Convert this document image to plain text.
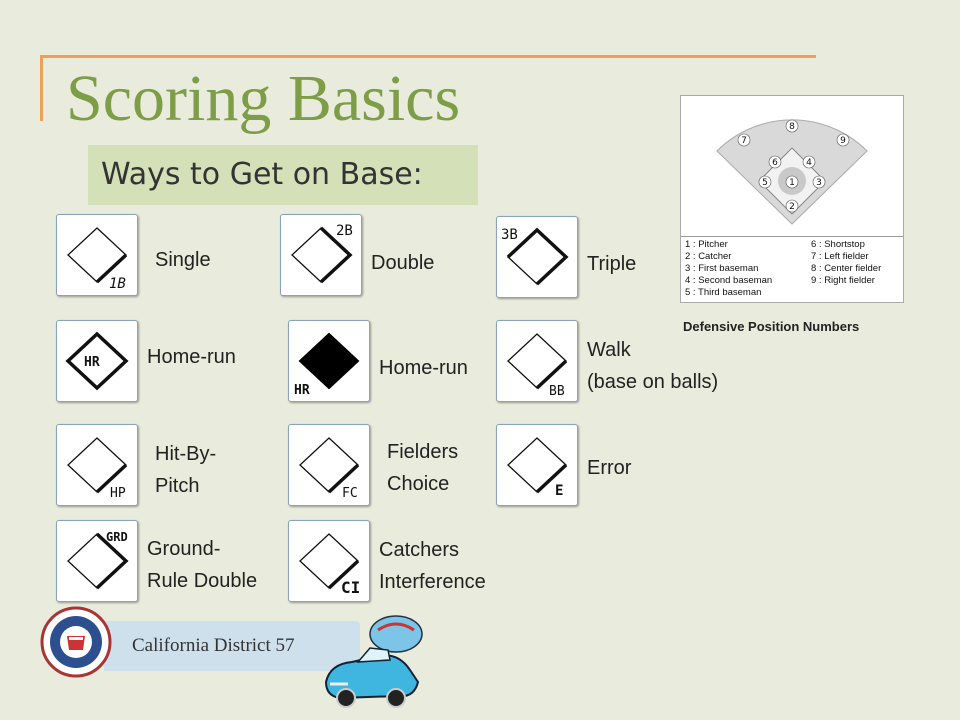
Scoring Basics
Ways to Get on Base:
1B
Single
2B
Double
3B
Triple
HR Home-run
HR
Home-run
BB
Walk
(base on balls)
HP
Hit-By-
Pitch	FC
Fielders
Choice	E
Error
GRD
Ground-
Rule Double	CI
Catchers
Interference
1
2
3
4
5
6
7
8
9
1 : Pitcher
2 : Catcher
3 : First baseman
4 : Second baseman
5 : Third baseman
6 : Shortstop
7 : Left fielder
8 : Center fielder
9 : Right fielder
Defensive Position Numbers
California District 57
